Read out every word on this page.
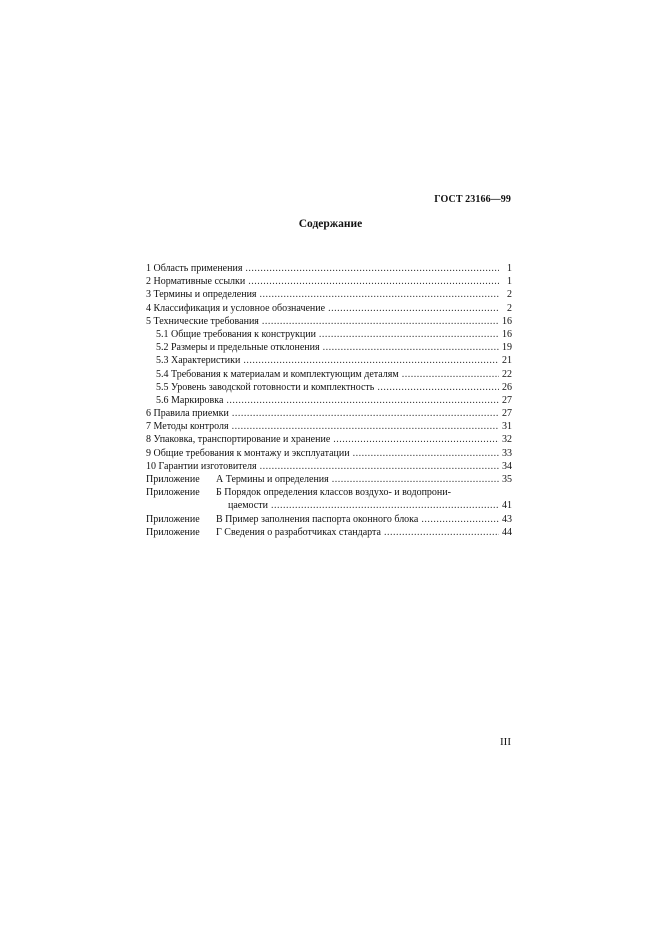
ГОСТ 23166—99
Содержание
1 Область применения .....	1
2 Нормативные ссылки .....	1
3 Термины и определения .....	2
4 Классификация и условное обозначение .....	2
5 Технические требования .....	16
5.1 Общие требования к конструкции .....	16
5.2 Размеры и предельные отклонения .....	19
5.3 Характеристики .....	21
5.4 Требования к материалам и комплектующим деталям .....	22
5.5 Уровень заводской готовности и комплектность .....	26
5.6 Маркировка .....	27
6 Правила приемки .....	27
7 Методы контроля .....	31
8 Упаковка, транспортирование и хранение .....	32
9 Общие требования к монтажу и эксплуатации .....	33
10 Гарантии изготовителя .....	34
Приложение	А Термины и определения .....	35
Приложение	Б Порядок определения классов воздухо- и водопрони-
цаемости .....	41
Приложение	В Пример заполнения паспорта оконного блока .....	43
Приложение	Г Сведения о разработчиках стандарта .....	44
III
